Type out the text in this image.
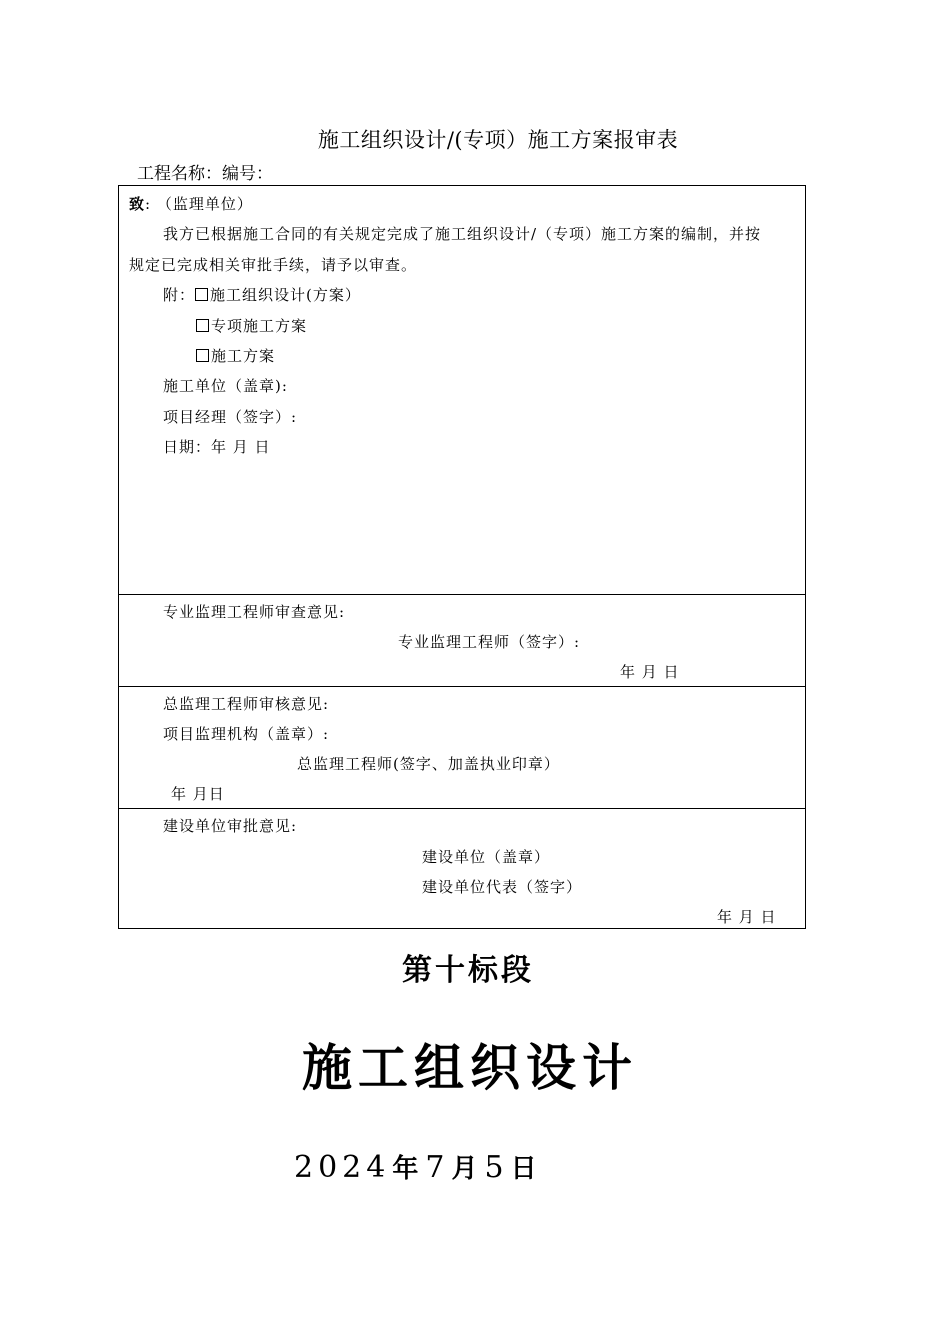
施工组织设计/(专项）施工方案报审表
工程名称：编号：
致: （监理单位）
我方已根据施工合同的有关规定完成了施工组织设计/（专项）施工方案的编制，并按
规定已完成相关审批手续，请予以审查。
附： 施工组织设计(方案）
专项施工方案
施工方案
施工单位（盖章):
项目经理（签字）:
日期：年 月 日
专业监理工程师审查意见:
专业监理工程师（签字）:
年 月 日
总监理工程师审核意见:
项目监理机构（盖章）:
总监理工程师(签字、加盖执业印章）
年 月日
建设单位审批意见:
建设单位（盖章）
建设单位代表（签字）
年 月 日
第十标段
施工组织设计
2024年7月5日
